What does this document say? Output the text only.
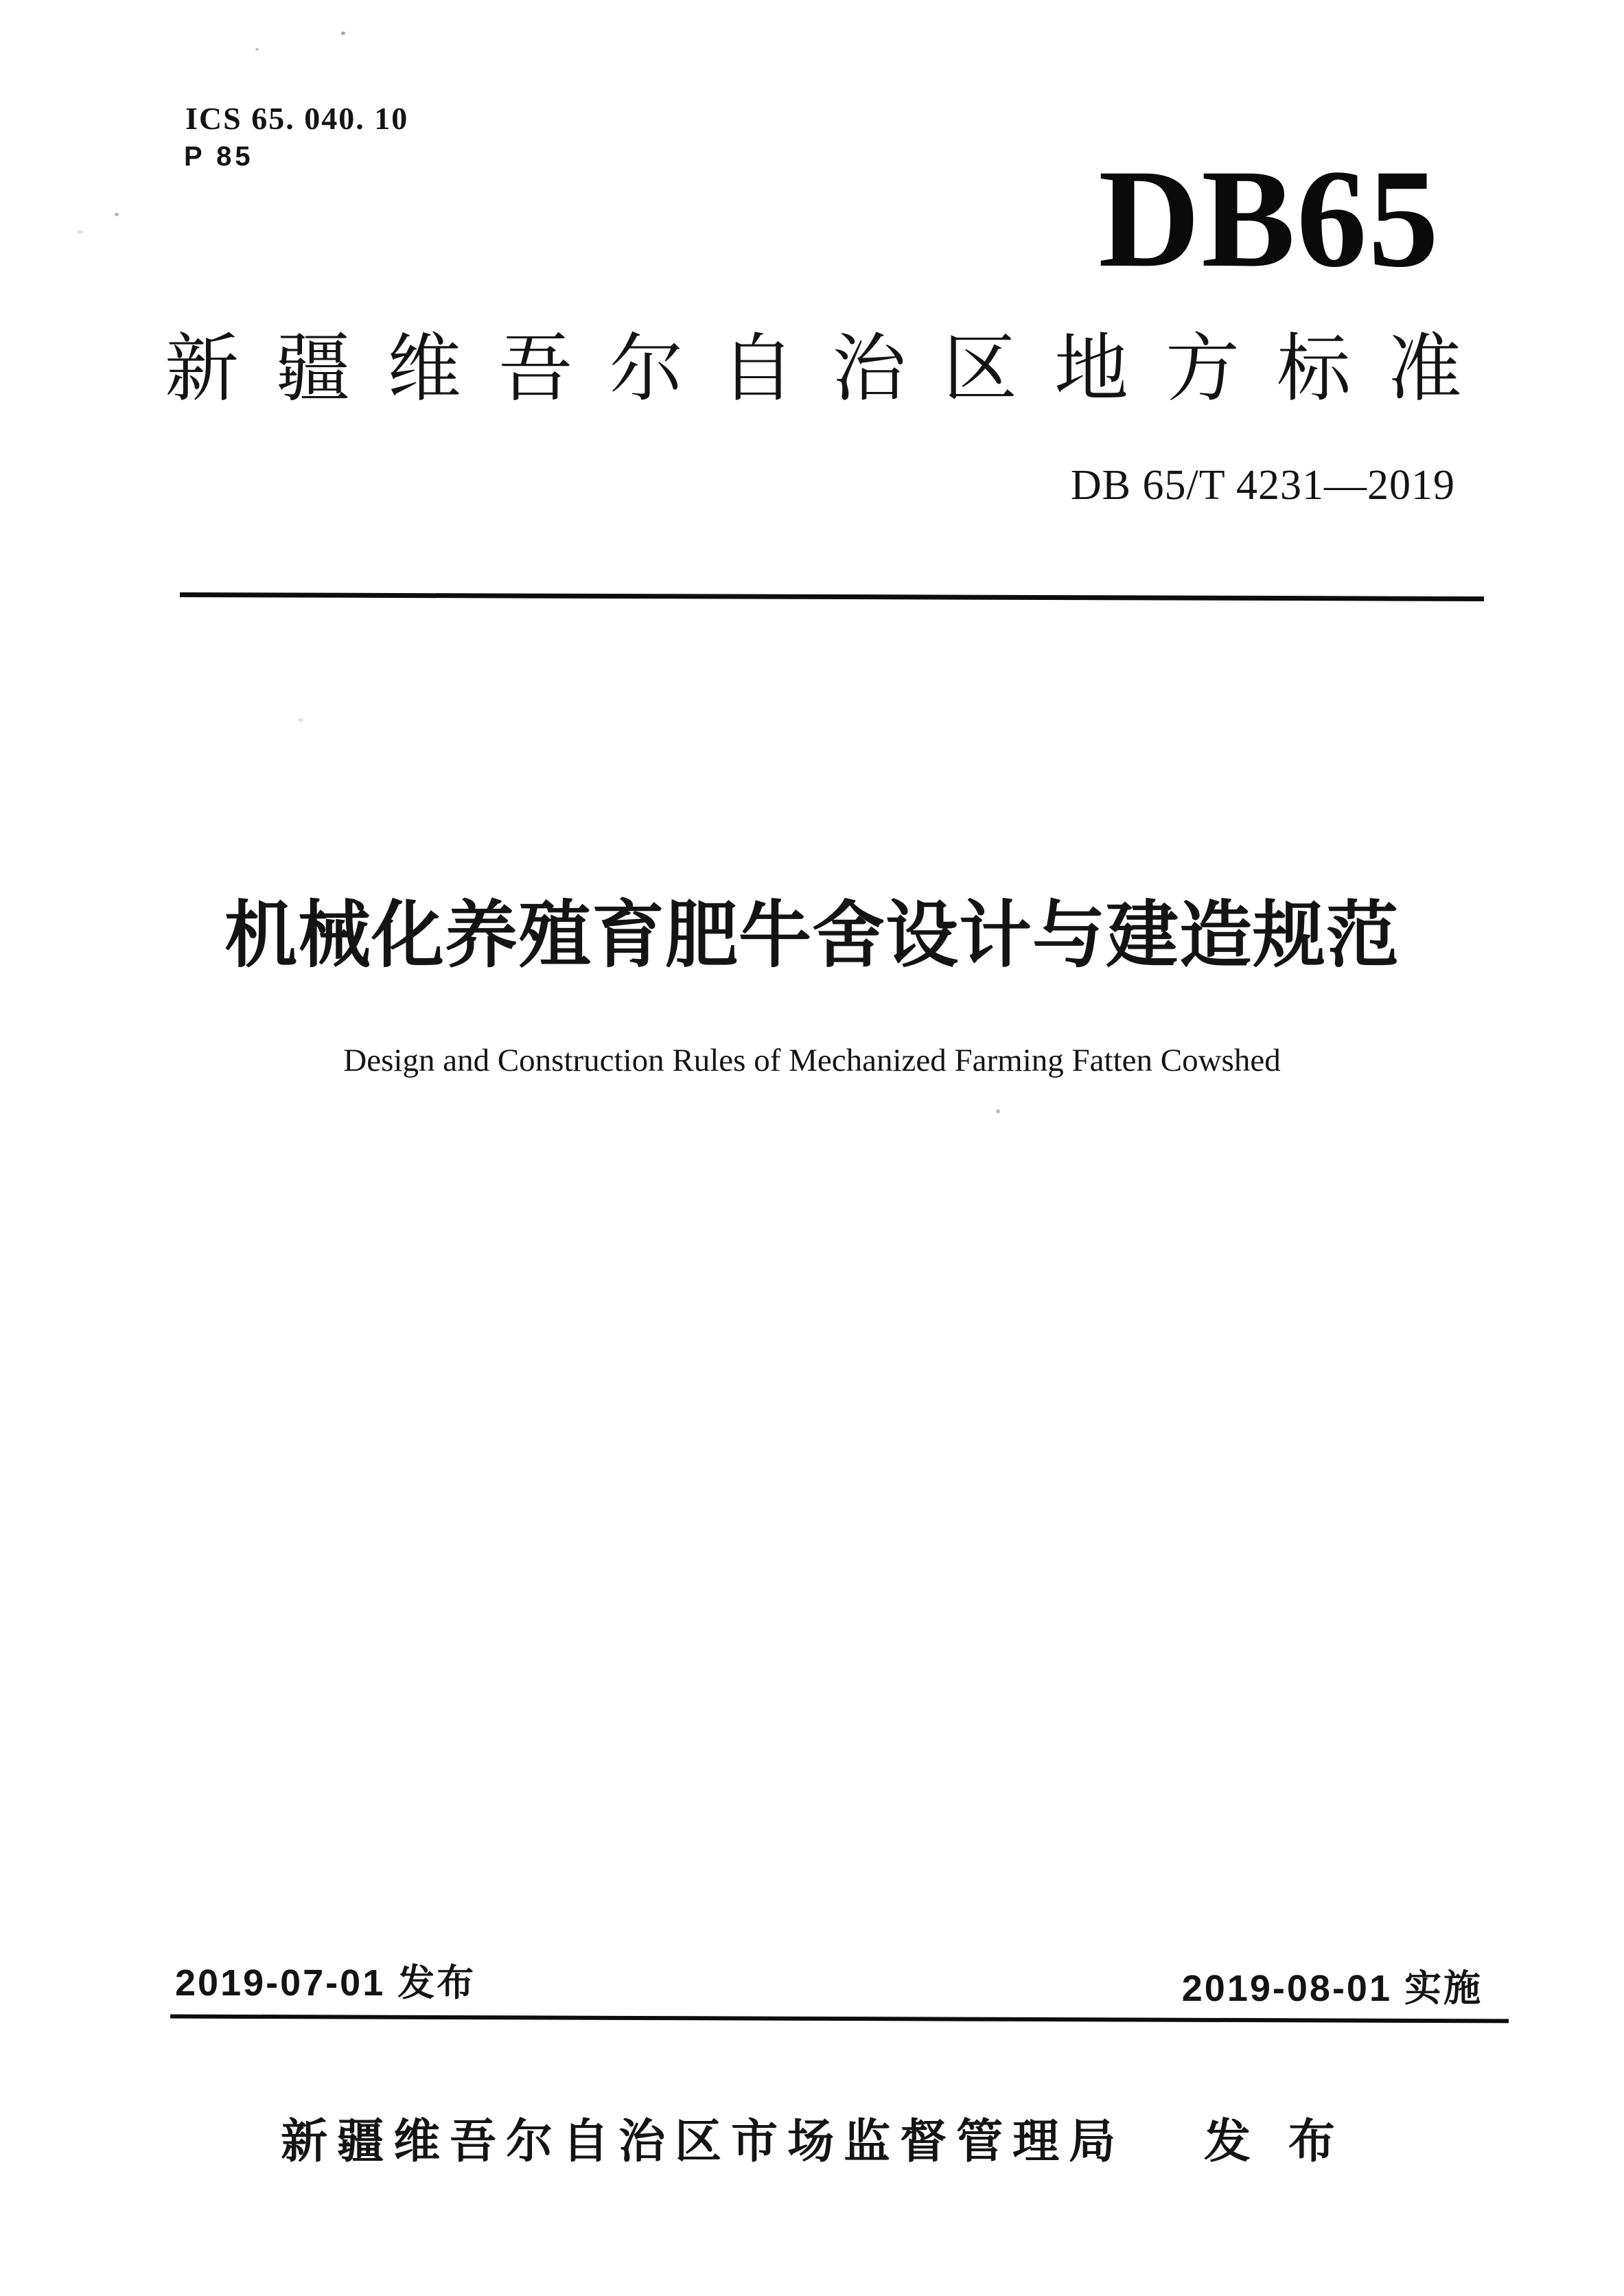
ICS 65. 040. 10
P 85	DB65
新疆维吾尔自治区地方标准
DB 65/T 4231—2019
机械化养殖育肥牛舍设计与建造规范
Design and Construction Rules of Mechanized Farming Fatten Cowshed
2019-07-01 发布	2019-08-01 实施
新疆维吾尔自治区市场监督管理局 发 布
